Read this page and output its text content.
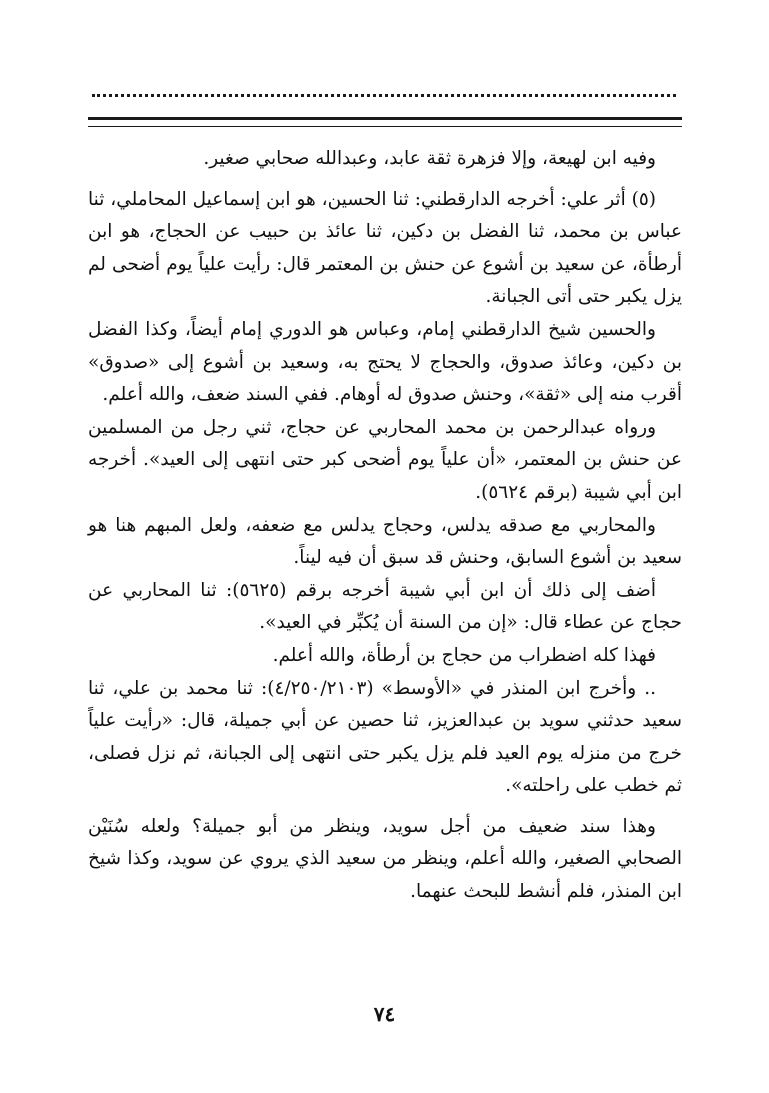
وفيه ابن لهيعة، وإلا فزهرة ثقة عابد، وعبدالله صحابي صغير.

(٥) أثر علي: أخرجه الدارقطني: ثنا الحسين، هو ابن إسماعيل المحاملي، ثنا عباس بن محمد، ثنا الفضل بن دكين، ثنا عائذ بن حبيب عن الحجاج، هو ابن أرطأة، عن سعيد بن أشوع عن حنش بن المعتمر قال: رأيت علياً يوم أضحى لم يزل يكبر حتى أتى الجبانة.

والحسين شيخ الدارقطني إمام، وعباس هو الدوري إمام أيضاً، وكذا الفضل بن دكين، وعائذ صدوق، والحجاج لا يحتج به، وسعيد بن أشوع إلى «صدوق» أقرب منه إلى «ثقة»، وحنش صدوق له أوهام. ففي السند ضعف، والله أعلم.

ورواه عبدالرحمن بن محمد المحاربي عن حجاج، ثني رجل من المسلمين عن حنش بن المعتمر، «أن علياً يوم أضحى كبر حتى انتهى إلى العيد». أخرجه ابن أبي شيبة (برقم ٥٦٢٤).

والمحاربي مع صدقه يدلس، وحجاج يدلس مع ضعفه، ولعل المبهم هنا هو سعيد بن أشوع السابق، وحنش قد سبق أن فيه ليناً.

أضف إلى ذلك أن ابن أبي شيبة أخرجه برقم (٥٦٢٥): ثنا المحاربي عن حجاج عن عطاء قال: «إن من السنة أن يُكبِّر في العيد».

فهذا كله اضطراب من حجاج بن أرطأة، والله أعلم.

.. وأخرج ابن المنذر في «الأوسط» (٤/٢٥٠/٢١٠٣): ثنا محمد بن علي، ثنا سعيد حدثني سويد بن عبدالعزيز، ثنا حصين عن أبي جميلة، قال: «رأيت علياً خرج من منزله يوم العيد فلم يزل يكبر حتى انتهى إلى الجبانة، ثم نزل فصلى، ثم خطب على راحلته».

وهذا سند ضعيف من أجل سويد، وينظر من أبو جميلة؟ ولعله سُنَيْن الصحابي الصغير، والله أعلم، وينظر من سعيد الذي يروي عن سويد، وكذا شيخ ابن المنذر، فلم أنشط للبحث عنهما.

٧٤
